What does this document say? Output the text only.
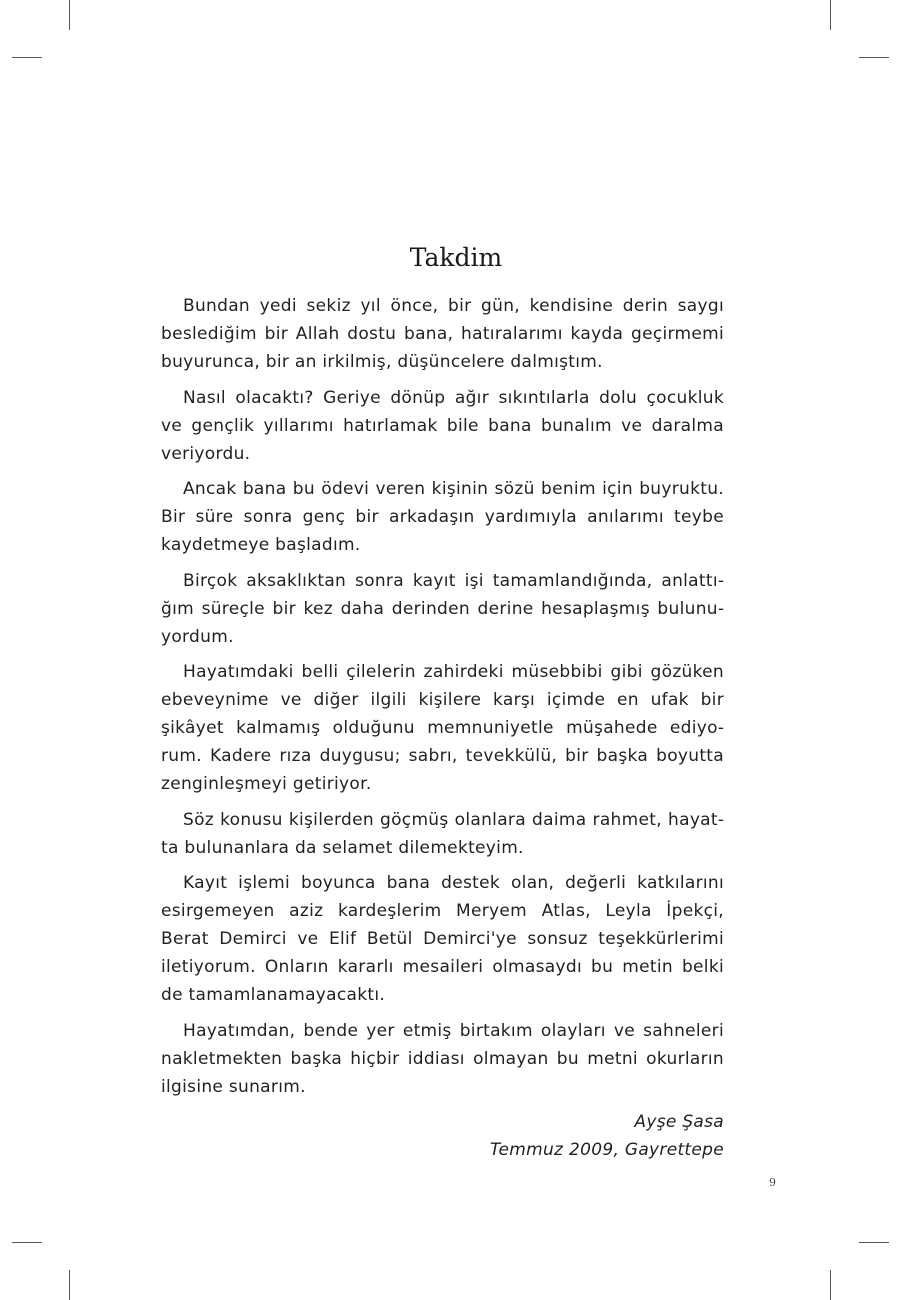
Takdim

Bundan yedi sekiz yıl önce, bir gün, kendisine derin saygı beslediğim bir Allah dostu bana, hatıralarımı kayda geçirmemi buyurunca, bir an irkilmiş, düşüncelere dalmıştım.

Nasıl olacaktı? Geriye dönüp ağır sıkıntılarla dolu çocukluk ve gençlik yıllarımı hatırlamak bile bana bunalım ve daralma veriyordu.

Ancak bana bu ödevi veren kişinin sözü benim için buyruktu. Bir süre sonra genç bir arkadaşın yardımıyla anılarımı teybe kaydetmeye başladım.

Birçok aksaklıktan sonra kayıt işi tamamlandığında, anlattığım süreçle bir kez daha derinden derine hesaplaşmış bulunuyordum.

Hayatımdaki belli çilelerin zahirdeki müsebbibi gibi gözüken ebeveynime ve diğer ilgili kişilere karşı içimde en ufak bir şikâyet kalmamış olduğunu memnuniyetle müşahede ediyorum. Kadere rıza duygusu; sabrı, tevekkülü, bir başka boyutta zenginleşmeyi getiriyor.

Söz konusu kişilerden göçmüş olanlara daima rahmet, hayatta bulunanlara da selamet dilemekteyim.

Kayıt işlemi boyunca bana destek olan, değerli katkılarını esirgemeyen aziz kardeşlerim Meryem Atlas, Leyla İpekçi, Berat Demirci ve Elif Betül Demirci'ye sonsuz teşekkürlerimi iletiyorum. Onların kararlı mesaileri olmasaydı bu metin belki de tamamlanamayacaktı.

Hayatımdan, bende yer etmiş birtakım olayları ve sahneleri nakletmekten başka hiçbir iddiası olmayan bu metni okurların ilgisine sunarım.

Ayşe Şasa

Temmuz 2009, Gayrettepe

9
